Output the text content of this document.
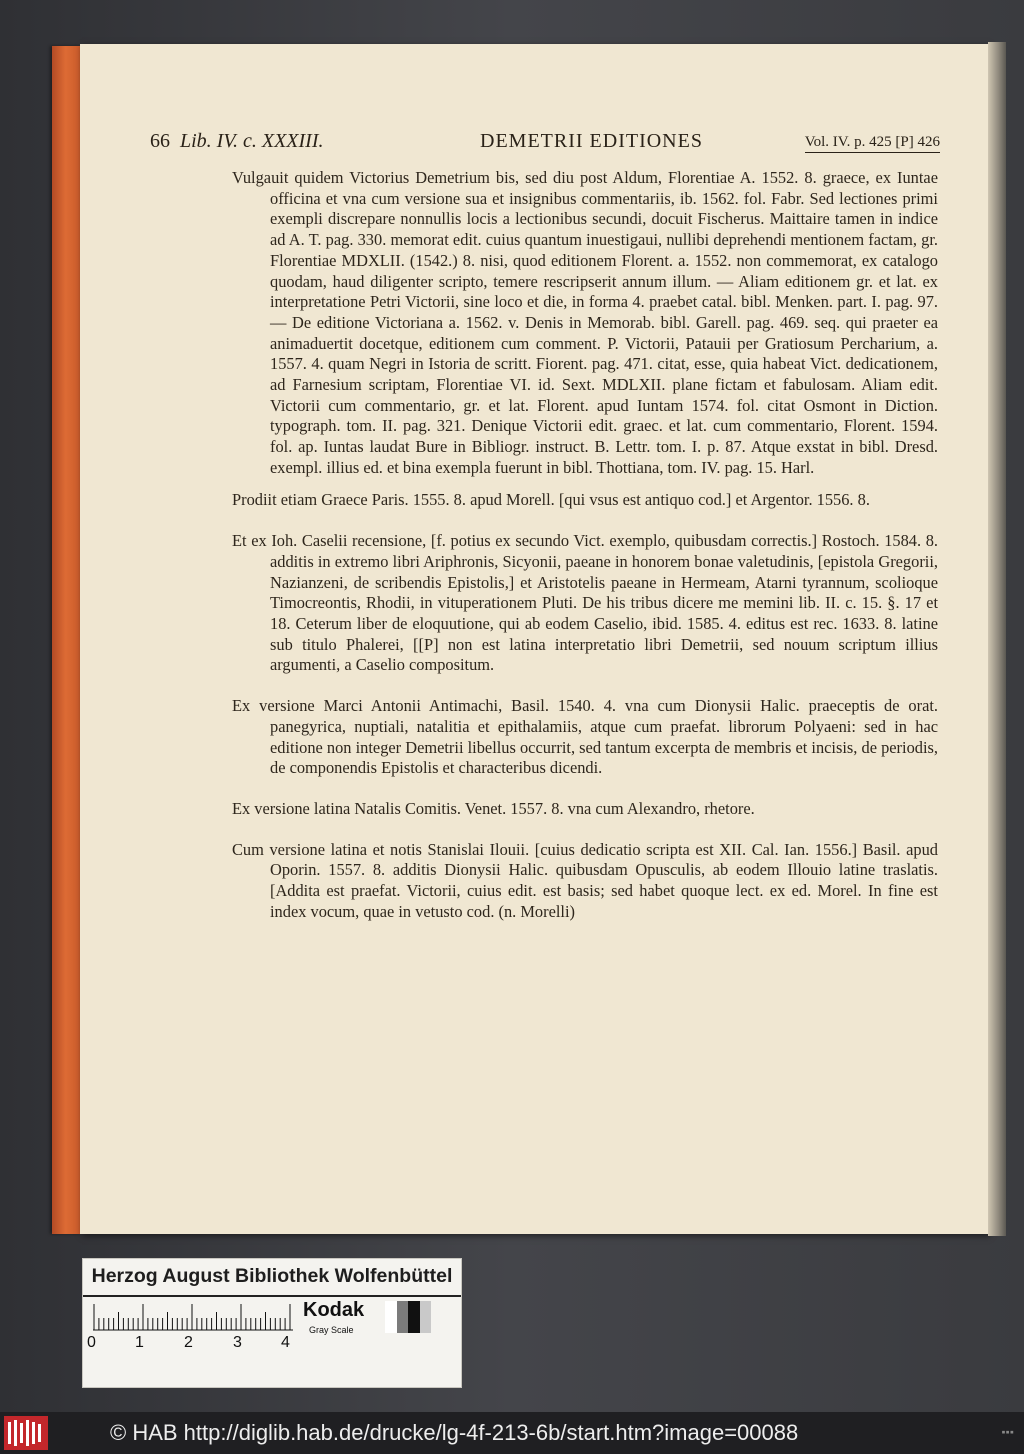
66 Lib. IV. c. XXXIII.	DEMETRII EDITIONES	Vol. IV. p. 425 [P] 426

Vulgauit quidem Victorius Demetrium bis, sed diu post Aldum, Florentiae A. 1552. 8. graece, ex Iuntae officina et vna cum versione sua et insignibus commentariis, ib. 1562. fol. Fabr. Sed lectiones primi exempli discrepare nonnullis locis a lectionibus secundi, docuit Fischerus. Maittaire tamen in indice ad A. T. pag. 330. memorat edit. cuius quantum inuestigaui, nullibi deprehendi mentionem factam, gr. Florentiae MDXLII. (1542.) 8. nisi, quod editionem Florent. a. 1552. non commemorat, ex catalogo quodam, haud diligenter scripto, temere rescripserit annum illum. — Aliam editionem gr. et lat. ex interpretatione Petri Victorii, sine loco et die, in forma 4. praebet catal. bibl. Menken. part. I. pag. 97. — De editione Victoriana a. 1562. v. Denis in Memorab. bibl. Garell. pag. 469. seq. qui praeter ea animaduertit docetque, editionem cum comment. P. Victorii, Patauii per Gratiosum Percharium, a. 1557. 4. quam Negri in Istoria de scritt. Fiorent. pag. 471. citat, esse, quia habeat Vict. dedicationem, ad Farnesium scriptam, Florentiae VI. id. Sext. MDLXII. plane fictam et fabulosam. Aliam edit. Victorii cum commentario, gr. et lat. Florent. apud Iuntam 1574. fol. citat Osmont in Diction. typograph. tom. II. pag. 321. Denique Victorii edit. graec. et lat. cum commentario, Florent. 1594. fol. ap. Iuntas laudat Bure in Bibliogr. instruct. B. Lettr. tom. I. p. 87. Atque exstat in bibl. Dresd. exempl. illius ed. et bina exempla fuerunt in bibl. Thottiana, tom. IV. pag. 15. Harl.

Prodiit etiam Graece Paris. 1555. 8. apud Morell. [qui vsus est antiquo cod.] et Argentor. 1556. 8.

Et ex Ioh. Caselii recensione, [f. potius ex secundo Vict. exemplo, quibusdam correctis.] Rostoch. 1584. 8. additis in extremo libri Ariphronis, Sicyonii, paeane in honorem bonae valetudinis, [epistola Gregorii, Nazianzeni, de scribendis Epistolis,] et Aristotelis paeane in Hermeam, Atarni tyrannum, scolioque Timocreontis, Rhodii, in vituperationem Pluti. De his tribus dicere me memini lib. II. c. 15. §. 17 et 18. Ceterum liber de eloquutione, qui ab eodem Caselio, ibid. 1585. 4. editus est rec. 1633. 8. latine sub titulo Phalerei, [[P] non est latina interpretatio libri Demetrii, sed nouum scriptum illius argumenti, a Caselio compositum.

Ex versione Marci Antonii Antimachi, Basil. 1540. 4. vna cum Dionysii Halic. praeceptis de orat. panegyrica, nuptiali, natalitia et epithalamiis, atque cum praefat. librorum Polyaeni: sed in hac editione non integer Demetrii libellus occurrit, sed tantum excerpta de membris et incisis, de periodis, de componendis Epistolis et characteribus dicendi.

Ex versione latina Natalis Comitis. Venet. 1557. 8. vna cum Alexandro, rhetore.

Cum versione latina et notis Stanislai Ilouii. [cuius dedicatio scripta est XII. Cal. Ian. 1556.] Basil. apud Oporin. 1557. 8. additis Dionysii Halic. quibusdam Opusculis, ab eodem Illouio latine traslatis. [Addita est praefat. Victorii, cuius edit. est basis; sed habet quoque lect. ex ed. Morel. In fine est index vocum, quae in vetusto cod. (n. Morelli)

Herzog August Bibliothek Wolfenbüttel
0 1	2	3 4
Kodak
Gray Scale
© HAB http://diglib.hab.de/drucke/lg-4f-213-6b/start.htm?image=00088	▪▪▪
